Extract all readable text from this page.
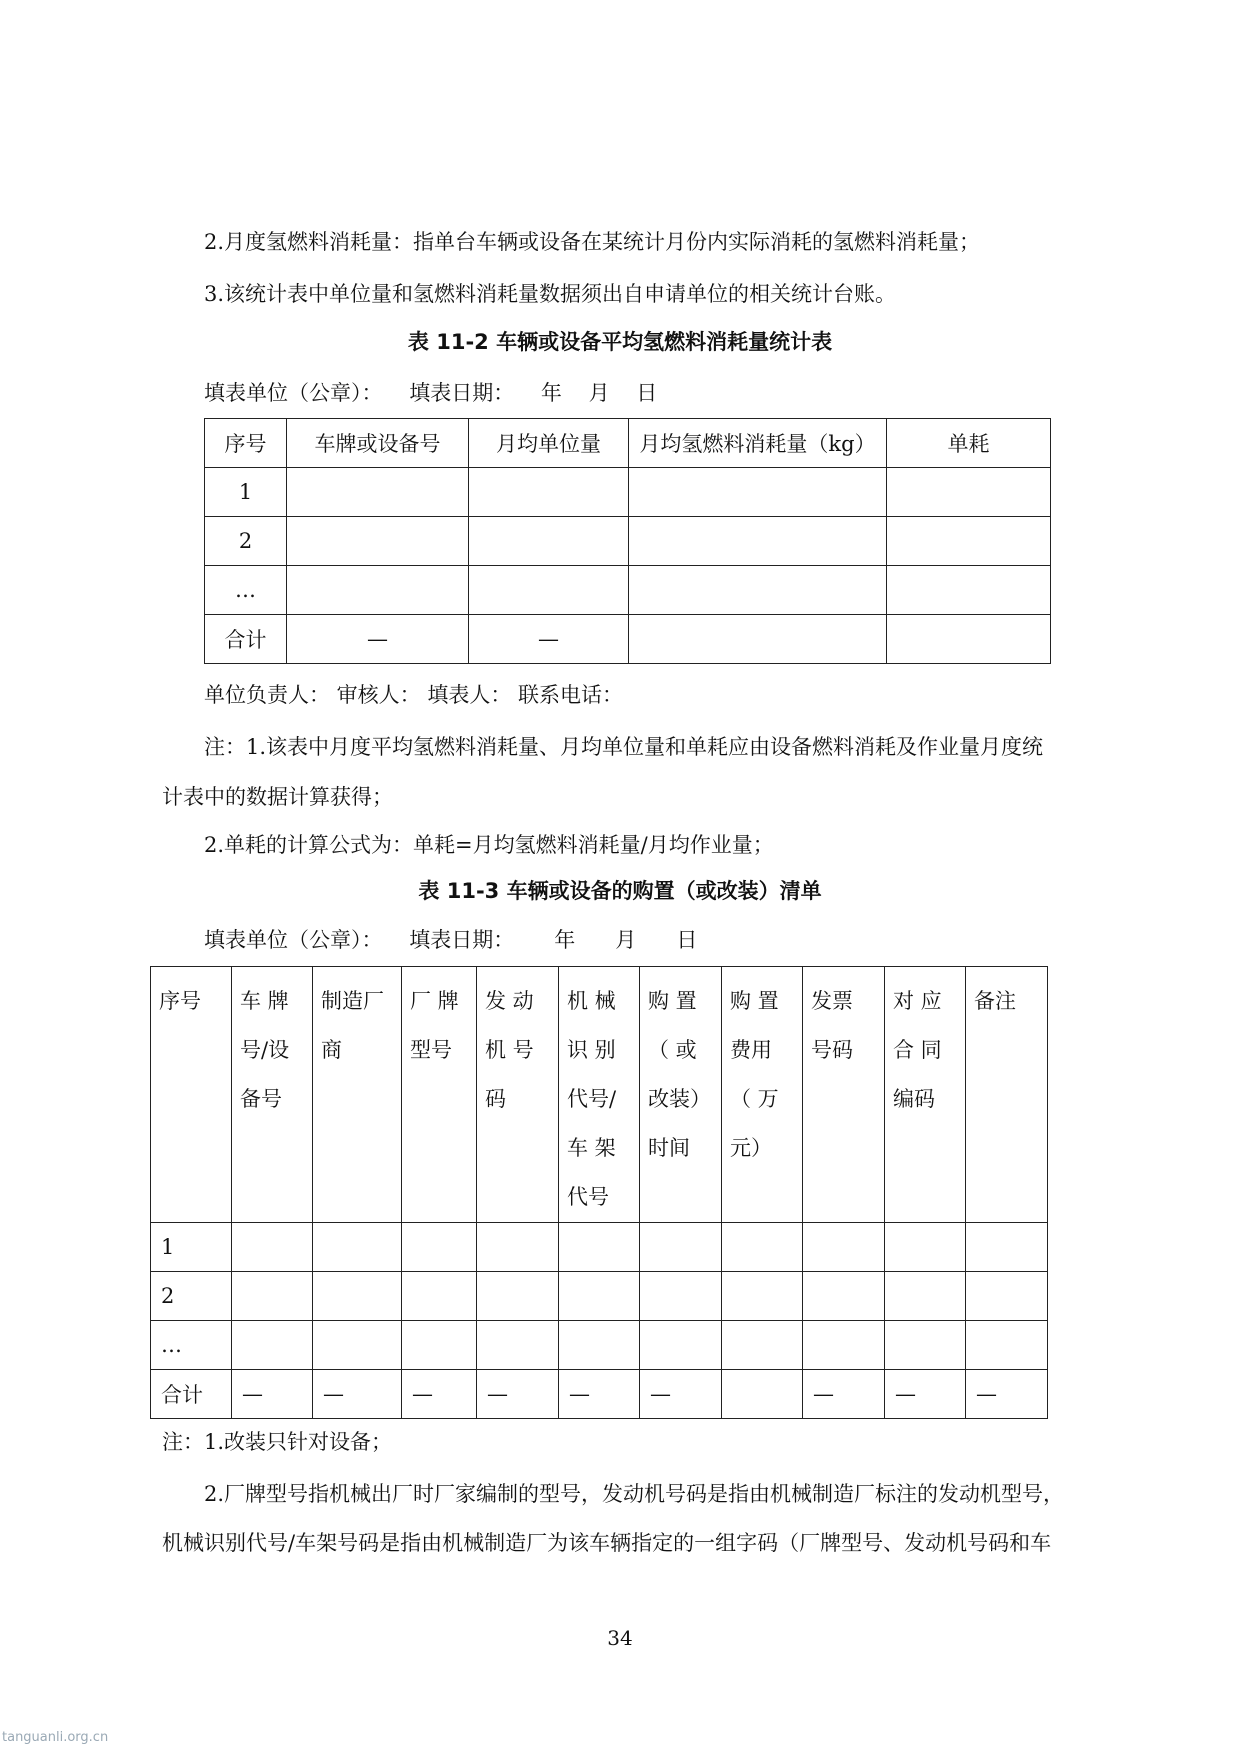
2.月度氢燃料消耗量：指单台车辆或设备在某统计月份内实际消耗的氢燃料消耗量；
3.该统计表中单位量和氢燃料消耗量数据须出自申请单位的相关统计台账。
表 11-2 车辆或设备平均氢燃料消耗量统计表
填表单位（公章）：    填表日期：    年    月    日
序号	车牌或设备号	月均单位量	月均氢燃料消耗量（kg）	单耗
1				
2				
…				
合计	—	—		
单位负责人： 审核人： 填表人： 联系电话：
注：1.该表中月度平均氢燃料消耗量、月均单位量和单耗应由设备燃料消耗及作业量月度统
计表中的数据计算获得；
2.单耗的计算公式为：单耗=月均氢燃料消耗量/月均作业量；
表 11-3 车辆或设备的购置（或改装）清单
填表单位（公章）：    填表日期：      年      月      日
序号	车 牌 号/设 备号	制造厂商	厂 牌 型号	发 动 机 号 码	机 械 识 别 代号/车 架 代号	购 置 （ 或 改装）时间	购 置 费用 （ 万 元）	发票 号码	对 应 合 同 编码	备注
1										
2										
…										
合计	—	—	—	—	—	—		—	—	—
注：1.改装只针对设备；
2.厂牌型号指机械出厂时厂家编制的型号，发动机号码是指由机械制造厂标注的发动机型号，
机械识别代号/车架号码是指由机械制造厂为该车辆指定的一组字码（厂牌型号、发动机号码和车
34
tanguanli.org.cn
